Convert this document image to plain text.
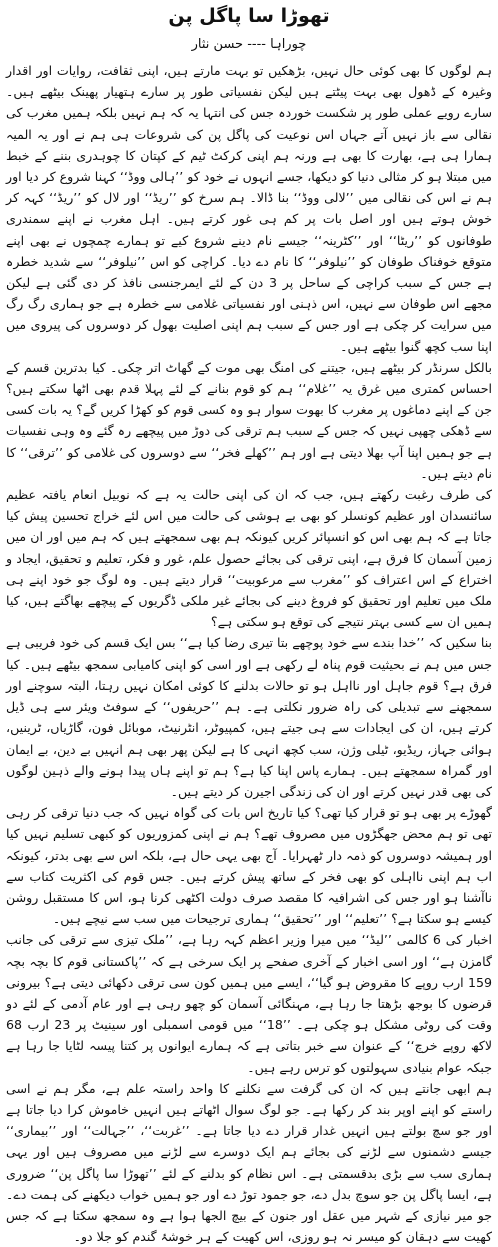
تھوڑا سا پاگل پن
چوراہا ---- حسن نثار

ہم لوگوں کا بھی کوئی حال نہیں، بڑھکیں تو بہت مارتے ہیں، اپنی ثقافت، روایات اور اقدار وغیرہ کے ڈھول بھی بہت پیٹتے ہیں لیکن نفسیاتی طور پر سارے ہتھیار پھینک بیٹھے ہیں۔ سارے رویے عملی طور پر شکست خوردہ جس کی انتہا یہ کہ ہم نہیں بلکہ ہمیں مغرب کی نقالی سے باز نہیں آتے جہاں اس نوعیت کی پاگل پن کی شروعات ہی ہم نے اور یہ المیہ ہمارا ہی ہے، بھارت کا بھی ہے ورنہ ہم اپنی کرکٹ ٹیم کے کپتان کا چوہدری بننے کے خبط میں مبتلا ہو کر مثالی دنیا کو دیکھا، جسے انہوں نے خود کو ’’ہالی ووڈ‘‘ کہنا شروع کر دیا اور ہم نے اس کی نقالی میں ’’لالی ووڈ‘‘ بنا ڈالا۔ ہم سرخ کو ’’ریڈ‘‘ اور لال کو ’’ریڈ‘‘ کہہ کر خوش ہوتے ہیں اور اصل بات پر کم ہی غور کرتے ہیں۔ اہل مغرب نے اپنے سمندری طوفانوں کو ’’ریٹا‘‘ اور ’’کٹرینہ‘‘ جیسے نام دینے شروع کیے تو ہمارے چمچوں نے بھی اپنے متوقع خوفناک طوفان کو ’’نیلوفر‘‘ کا نام دے دیا۔ کراچی کو اس ’’نیلوفر‘‘ سے شدید خطرہ ہے جس کے سبب کراچی کے ساحل پر 3 دن کے لئے ایمرجنسی نافذ کر دی گئی ہے لیکن مجھے اس طوفان سے نہیں، اس ذہنی اور نفسیاتی غلامی سے خطرہ ہے جو ہماری رگ رگ میں سرایت کر چکی ہے اور جس کے سبب ہم اپنی اصلیت بھول کر دوسروں کی پیروی میں اپنا سب کچھ گنوا بیٹھے ہیں۔

بالکل سرنڈر کر بیٹھے ہیں، جیتنے کی امنگ بھی موت کے گھاٹ اتر چکی۔ کیا بدترین قسم کے احساس کمتری میں غرق یہ ’’غلام‘‘ ہم کو قوم بنانے کے لئے پہلا قدم بھی اٹھا سکتے ہیں؟ جن کے اپنے دماغوں پر مغرب کا بھوت سوار ہو وہ کسی قوم کو کھڑا کریں گے؟ یہ بات کسی سے ڈھکی چھپی نہیں کہ جس کے سبب ہم ترقی کی دوڑ میں پیچھے رہ گئے وہ وہی نفسیات ہے جو ہمیں اپنا آپ بھلا دیتی ہے اور ہم ’’کھلے فخر‘‘ سے دوسروں کی غلامی کو ’’ترقی‘‘ کا نام دیتے ہیں۔

کی طرف رغبت رکھتے ہیں، جب کہ ان کی اپنی حالت یہ ہے کہ نوبیل انعام یافتہ عظیم سائنسدان اور عظیم کونسلر کو بھی بے ہوشی کی حالت میں اس لئے خراج تحسین پیش کیا جاتا ہے کہ ہم بھی اس کو انسپائر کریں کیونکہ ہم بھی سمجھتے ہیں کہ ہم میں اور ان میں زمین آسمان کا فرق ہے، اپنی ترقی کی بجائے حصول علم، غور و فکر، تعلیم و تحقیق، ایجاد و اختراع کے اس اعتراف کو ’’مغرب سے مرعوبیت‘‘ قرار دیتے ہیں۔ وہ لوگ جو خود اپنے ہی ملک میں تعلیم اور تحقیق کو فروغ دینے کی بجائے غیر ملکی ڈگریوں کے پیچھے بھاگتے ہیں، کیا ہمیں ان سے کسی بہتر نتیجے کی توقع ہو سکتی ہے؟

بنا سکیں کہ ’’خدا بندے سے خود پوچھے بتا تیری رضا کیا ہے‘‘ بس ایک قسم کی خود فریبی ہے جس میں ہم نے بحیثیت قوم پناہ لے رکھی ہے اور اسی کو اپنی کامیابی سمجھ بیٹھے ہیں۔ کیا فرق ہے؟ قوم جاہل اور نااہل ہو تو حالات بدلنے کا کوئی امکان نہیں رہتا، البتہ سوچنے اور سمجھنے سے تبدیلی کی راہ ضرور نکلتی ہے۔ ہم ’’حریفوں‘‘ کے سوفٹ ویئر سے ہی ڈیل کرتے ہیں، ان کی ایجادات سے ہی جیتے ہیں، کمپیوٹر، انٹرنیٹ، موبائل فون، گاڑیاں، ٹرینیں، ہوائی جہاز، ریڈیو، ٹیلی وژن، سب کچھ انہی کا ہے لیکن پھر بھی ہم انہیں بے دین، بے ایمان اور گمراہ سمجھتے ہیں۔ ہمارے پاس اپنا کیا ہے؟ ہم تو اپنے ہاں پیدا ہونے والے ذہین لوگوں کی بھی قدر نہیں کرتے اور ان کی زندگی اجیرن کر دیتے ہیں۔

گھوڑے پر بھی ہو تو قرار کیا تھی؟ کیا تاریخ اس بات کی گواہ نہیں کہ جب دنیا ترقی کر رہی تھی تو ہم محض جھگڑوں میں مصروف تھے؟ ہم نے اپنی کمزوریوں کو کبھی تسلیم نہیں کیا اور ہمیشہ دوسروں کو ذمہ دار ٹھہرایا۔ آج بھی یہی حال ہے، بلکہ اس سے بھی بدتر، کیونکہ اب ہم اپنی نااہلی کو بھی فخر کے ساتھ پیش کرتے ہیں۔ جس قوم کی اکثریت کتاب سے ناآشنا ہو اور جس کی اشرافیہ کا مقصد صرف دولت اکٹھی کرنا ہو، اس کا مستقبل روشن کیسے ہو سکتا ہے؟ ’’تعلیم‘‘ اور ’’تحقیق‘‘ ہماری ترجیحات میں سب سے نیچے ہیں۔

اخبار کی 6 کالمی ’’لیڈ‘‘ میں میرا وزیر اعظم کہہ رہا ہے، ’’ملک تیزی سے ترقی کی جانب گامزن ہے‘‘ اور اسی اخبار کے آخری صفحے پر ایک سرخی ہے کہ ’’پاکستانی قوم کا بچہ بچہ 159 ارب روپے کا مقروض ہو گیا‘‘، ایسے میں ہمیں کون سی ترقی دکھائی دیتی ہے؟ بیرونی قرضوں کا بوجھ بڑھتا جا رہا ہے، مہنگائی آسمان کو چھو رہی ہے اور عام آدمی کے لئے دو وقت کی روٹی مشکل ہو چکی ہے۔ ’’18‘‘ میں قومی اسمبلی اور سینیٹ پر 23 ارب 68 لاکھ روپے خرچ‘‘ کے عنوان سے خبر بتاتی ہے کہ ہمارے ایوانوں پر کتنا پیسہ لٹایا جا رہا ہے جبکہ عوام بنیادی سہولتوں کو ترس رہے ہیں۔

ہم ابھی جانتے ہیں کہ ان کی گرفت سے نکلنے کا واحد راستہ علم ہے، مگر ہم نے اسی راستے کو اپنے اوپر بند کر رکھا ہے۔ جو لوگ سوال اٹھاتے ہیں انہیں خاموش کرا دیا جاتا ہے اور جو سچ بولتے ہیں انہیں غدار قرار دے دیا جاتا ہے۔ ’’غربت‘‘، ’’جہالت‘‘ اور ’’بیماری‘‘ جیسے دشمنوں سے لڑنے کی بجائے ہم ایک دوسرے سے لڑنے میں مصروف ہیں اور یہی ہماری سب سے بڑی بدقسمتی ہے۔ اس نظام کو بدلنے کے لئے ’’تھوڑا سا پاگل پن‘‘ ضروری ہے، ایسا پاگل پن جو سوچ بدل دے، جو جمود توڑ دے اور جو ہمیں خواب دیکھنے کی ہمت دے۔ جو میر نیازی کے شہر میں عقل اور جنون کے بیچ الجھا ہوا ہے وہ سمجھ سکتا ہے کہ جس کھیت سے دہقان کو میسر نہ ہو روزی، اس کھیت کے ہر خوشۂ گندم کو جلا دو۔
